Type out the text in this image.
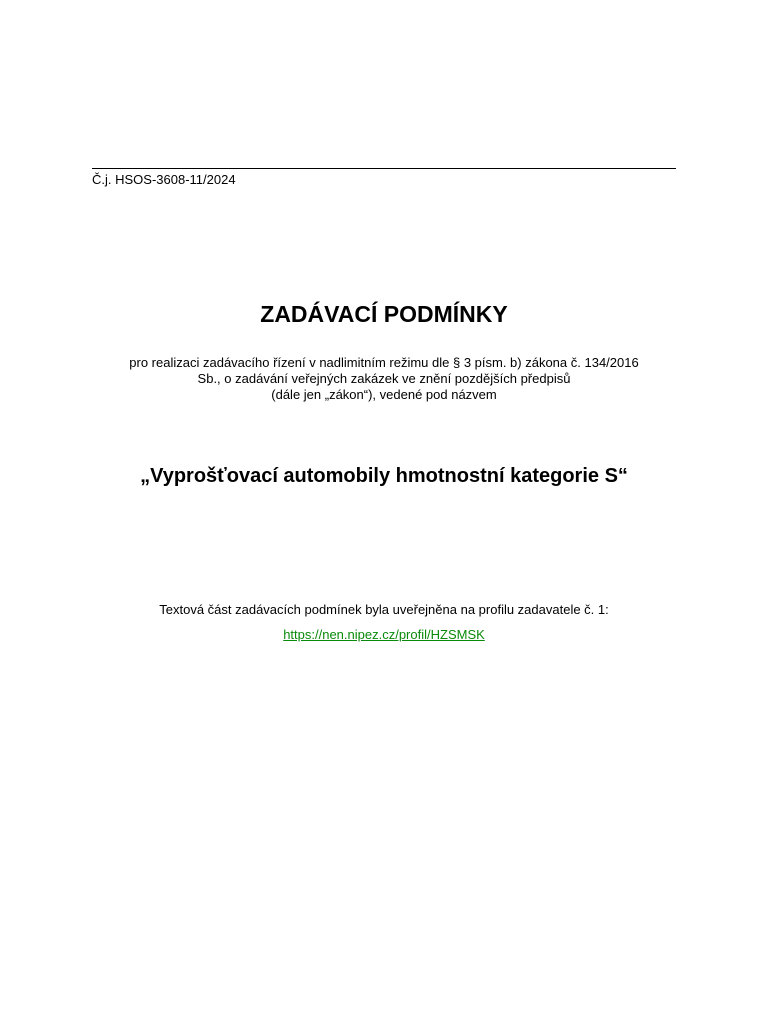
Č.j. HSOS-3608-11/2024
ZADÁVACÍ PODMÍNKY
pro realizaci zadávacího řízení v nadlimitním režimu dle § 3 písm. b) zákona č. 134/2016
Sb., o zadávání veřejných zakázek ve znění pozdějších předpisů
(dále jen „zákon“), vedené pod názvem
„Vyprošťovací automobily hmotnostní kategorie S“
Textová část zadávacích podmínek byla uveřejněna na profilu zadavatele č. 1:
https://nen.nipez.cz/profil/HZSMSK
